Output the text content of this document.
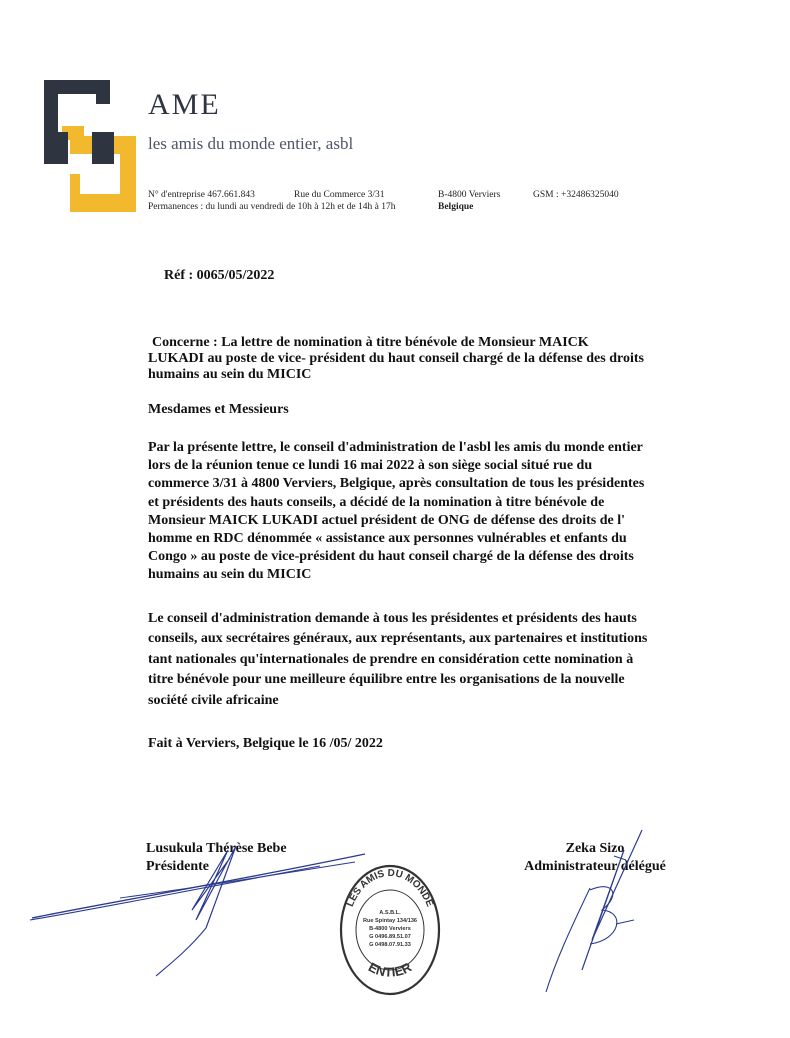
AME
les amis du monde entier, asbl
N° d'entreprise 467.661.843	Rue du Commerce 3/31	B-4800 Verviers	GSM : +32486325040
Permanences : du lundi au vendredi de 10h à 12h et de 14h à 17h	Belgique
Réf : 0065/05/2022
Concerne : La lettre de nomination à titre bénévole de Monsieur MAICK
LUKADI au poste de vice- président du haut conseil chargé de la défense des droits
humains au sein du MICIC
Mesdames et Messieurs
Par la présente lettre, le conseil d'administration de l'asbl les amis du monde entier
lors de la réunion tenue ce lundi 16 mai 2022 à son siège social situé rue du
commerce 3/31 à 4800 Verviers, Belgique, après consultation de tous les présidentes
et présidents des hauts conseils, a décidé de la nomination à titre bénévole de
Monsieur MAICK LUKADI actuel président de ONG de défense des droits de l'
homme en RDC dénommée « assistance aux personnes vulnérables et enfants du
Congo » au poste de vice-président du haut conseil chargé de la défense des droits
humains au sein du MICIC
Le conseil d'administration demande à tous les présidentes et présidents des hauts
conseils, aux secrétaires généraux, aux représentants, aux partenaires et institutions
tant nationales qu'internationales de prendre en considération cette nomination à
titre bénévole pour une meilleure équilibre entre les organisations de la nouvelle
société civile africaine
Fait à Verviers, Belgique le 16 /05/ 2022
Lusukula Thérèse Bebe
Présidente
Zeka Sizo
Administrateur délégué
LES AMIS DU MONDE
ENTIER
A.S.B.L.
Rue Spintay 134/136
B-4800 Verviers
G 0496.89.51.07
G 0498.07.91.33
